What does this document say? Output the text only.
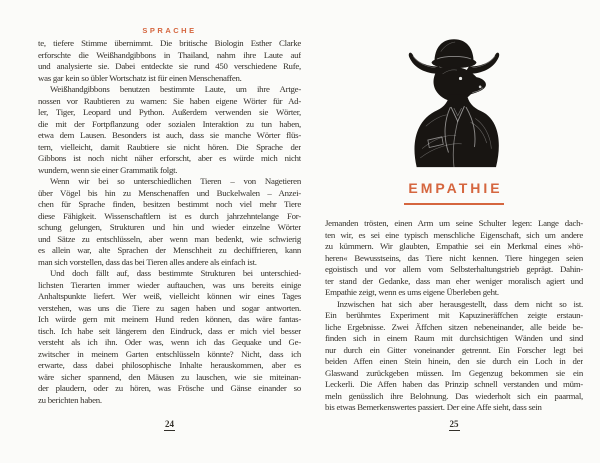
SPRACHE
te, tiefere Stimme übernimmt. Die britische Biologin Esther Clarke
erforschte die Weißhandgibbons in Thailand, nahm ihre Laute auf
und analysierte sie. Dabei entdeckte sie rund 450 verschiedene Rufe,
was gar kein so übler Wortschatz ist für einen Menschenaffen.
Weißhandgibbons benutzen bestimmte Laute, um ihre Artge-
nossen vor Raubtieren zu warnen: Sie haben eigene Wörter für Ad-
ler, Tiger, Leopard und Python. Außerdem verwenden sie Wörter,
die mit der Fortpflanzung oder sozialen Interaktion zu tun haben,
etwa dem Lausen. Besonders ist auch, dass sie manche Wörter flüs-
tern, vielleicht, damit Raubtiere sie nicht hören. Die Sprache der
Gibbons ist noch nicht näher erforscht, aber es würde mich nicht
wundern, wenn sie einer Grammatik folgt.
Wenn wir bei so unterschiedlichen Tieren – von Nagetieren
über Vögel bis hin zu Menschenaffen und Buckelwalen – Anzei-
chen für Sprache finden, besitzen bestimmt noch viel mehr Tiere
diese Fähigkeit. Wissenschaftlern ist es durch jahrzehntelange For-
schung gelungen, Strukturen und hin und wieder einzelne Wörter
und Sätze zu entschlüsseln, aber wenn man bedenkt, wie schwierig
es allein war, alte Sprachen der Menschheit zu dechiffrieren, kann
man sich vorstellen, dass das bei Tieren alles andere als einfach ist.
Und doch fällt auf, dass bestimmte Strukturen bei unterschied-
lichsten Tierarten immer wieder auftauchen, was uns bereits einige
Anhaltspunkte liefert. Wer weiß, vielleicht können wir eines Tages
verstehen, was uns die Tiere zu sagen haben und sogar antworten.
Ich würde gern mit meinem Hund reden können, das wäre fantas-
tisch. Ich habe seit längerem den Eindruck, dass er mich viel besser
versteht als ich ihn. Oder was, wenn ich das Gequake und Ge-
zwitscher in meinem Garten entschlüsseln könnte? Nicht, dass ich
erwarte, dass dabei philosophische Inhalte herauskommen, aber es
wäre sicher spannend, den Mäusen zu lauschen, wie sie miteinan-
der plaudern, oder zu hören, was Frösche und Gänse einander so
zu berichten haben.
24
EMPATHIE
Jemanden trösten, einen Arm um seine Schulter legen: Lange dach-
ten wir, es sei eine typisch menschliche Eigenschaft, sich um andere
zu kümmern. Wir glaubten, Empathie sei ein Merkmal eines »hö-
heren« Bewusstseins, das Tiere nicht kennen. Tiere hingegen seien
egoistisch und vor allem vom Selbsterhaltungstrieb geprägt. Dahin-
ter stand der Gedanke, dass man eher weniger moralisch agiert und
Empathie zeigt, wenn es ums eigene Überleben geht.
Inzwischen hat sich aber herausgestellt, dass dem nicht so ist.
Ein berühmtes Experiment mit Kapuzineräffchen zeigte erstaun-
liche Ergebnisse. Zwei Äffchen sitzen nebeneinander, alle beide be-
finden sich in einem Raum mit durchsichtigen Wänden und sind
nur durch ein Gitter voneinander getrennt. Ein Forscher legt bei
beiden Affen einen Stein hinein, den sie durch ein Loch in der
Glaswand zurückgeben müssen. Im Gegenzug bekommen sie ein
Leckerli. Die Affen haben das Prinzip schnell verstanden und müm-
meln genüsslich ihre Belohnung. Das wiederholt sich ein paarmal,
bis etwas Bemerkenswertes passiert. Der eine Affe sieht, dass sein
25
